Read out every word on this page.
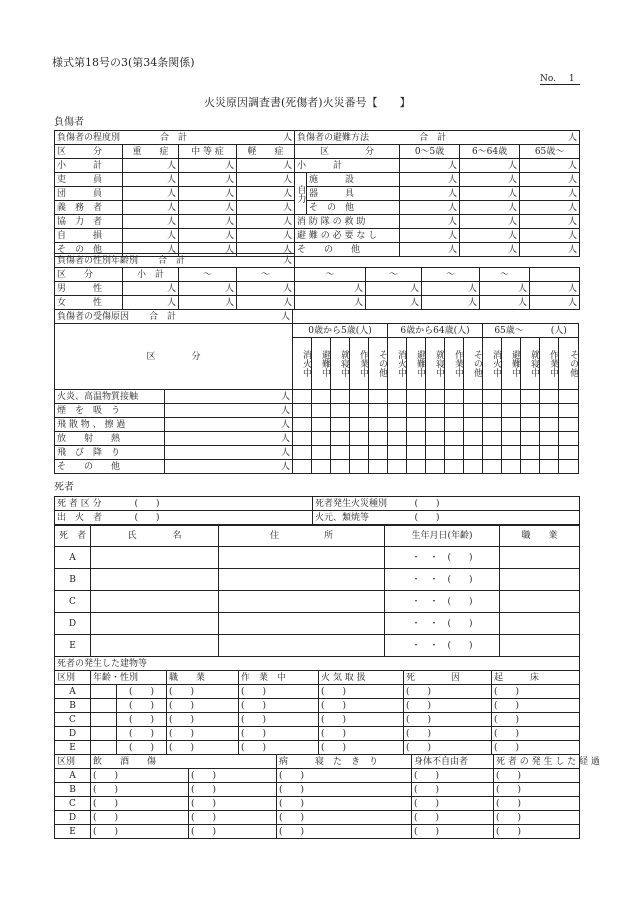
様式第18号の3(第34条関係)
No. 1
火災原因調査書(死傷者)火災番号【　　】
負傷者
負傷者の程度別 合　計 人				負傷者の避難方法 合　計 人				

区　　　分	重　　症	中 等 症	軽　　症	区　　　　分		0～5歳	6～64歳	65歳～
小　　　計	人	人	人	小　　　計		人	人	人
吏　　　員	人	人	人	自力	施　　　設	人	人	人
団　　　員	人	人	人		器　　　具	人	人	人
義　務　者	人	人	人		そ　の　他	人	人	人
協　力　者	人	人	人	消 防 隊 の 救 助		人	人	人
自　　　損	人	人	人	避 難 の 必 要 な し		人	人	人
そ　の　他	人	人	人	そ　　の　　他		人	人	人
負傷者の性別年齢別 合　計 人								

区　　分	小　計	～	～	～	～	～	～	
男　　　性	人	人	人	人	人	人	人	人
女　　　性	人	人	人	人	人	人	人	人
負傷者の受傷原因 合　計 人																

区　　　　分		0歳から5歳(人)					6歳から64歳(人)					65歳～　　　(人)				
		消火中	避難中	就寝中	作業中	その他	消火中	避難中	就寝中	作業中	その他	消火中	避難中	就寝中	作業中	その他
火炎、高温物質接触	人															
煙　を　吸　う	人															
飛 散 物 、 擦 過	人															
放　　射　　熱	人															
飛　び　降　り	人															
そ　　の　　他	人															
死者
死 者 区 分	(　　)	死者発生火災種別	(　　)
出　火　者	(　　)	火元、類焼等	(　　)
死　者	氏　　　　名	住　　　　　所	生年月日(年齢)	職　　業
A			・　・　(　　)	
B			・　・　(　　)	
C			・　・　(　　)	
D			・　・　(　　)	
E			・　・　(　　)	
死者の発生した建物等							
区別	年齢・性別		職　　業	作　業　中	火 気 取 扱	死　　　　因	起　　　床
A		(　　)	(　　)	(　　)	(　　)	(　　)	(　　)
B		(　　)	(　　)	(　　)	(　　)	(　　)	(　　)
C		(　　)	(　　)	(　　)	(　　)	(　　)	(　　)
D		(　　)	(　　)	(　　)	(　　)	(　　)	(　　)
E		(　　)	(　　)	(　　)	(　　)	(　　)	(　　)
区別	飲　　酒　　傷		病　　　寝　た　き　り	身体不自由者	死 者 の 発 生 し た 経 過
A	(　　)	(　　)	(　　)	(　　)	(　　)
B	(　　)	(　　)	(　　)	(　　)	(　　)
C	(　　)	(　　)	(　　)	(　　)	(　　)
D	(　　)	(　　)	(　　)	(　　)	(　　)
E	(　　)	(　　)	(　　)	(　　)	(　　)
